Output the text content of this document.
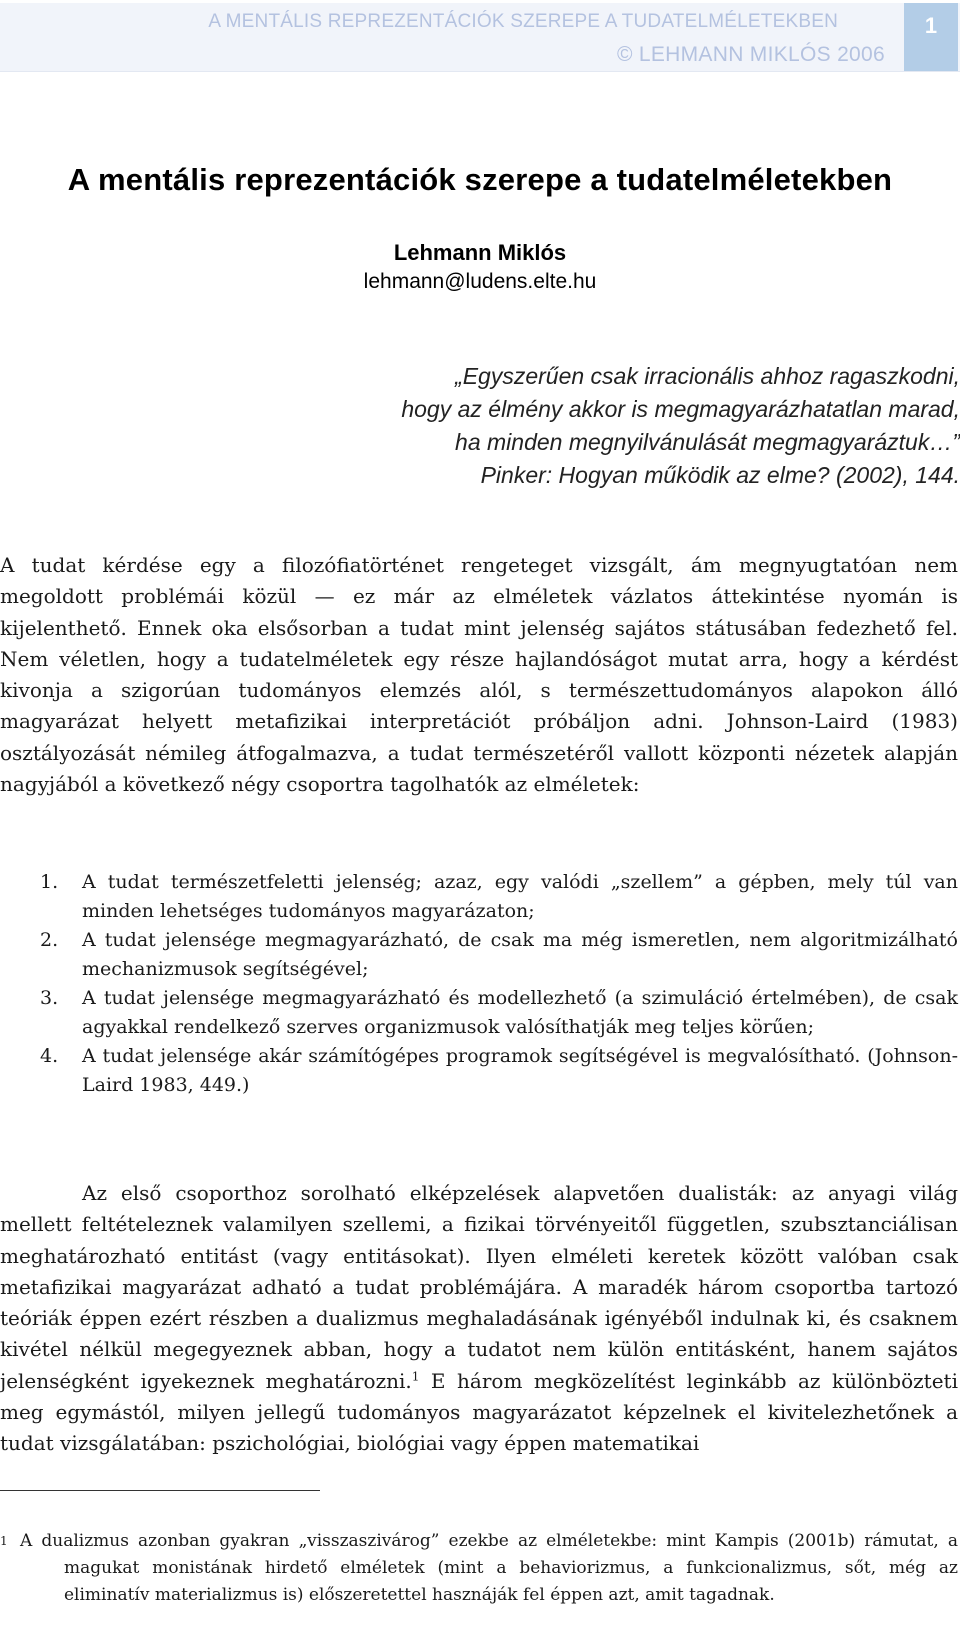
A MENTÁLIS REPREZENTÁCIÓK SZEREPE A TUDATELMÉLETEKBEN
© LEHMANN MIKLÓS 2006
1
A mentális reprezentációk szerepe a tudatelméletekben
Lehmann Miklós
lehmann@ludens.elte.hu
„Egyszerűen csak irracionális ahhoz ragaszkodni,
hogy az élmény akkor is megmagyarázhatatlan marad,
ha minden megnyilvánulását megmagyaráztuk…”
Pinker: Hogyan működik az elme? (2002), 144.
A tudat kérdése egy a filozófiatörténet rengeteget vizsgált, ám megnyugtatóan nem megoldott problémái közül — ez már az elméletek vázlatos áttekintése nyomán is kijelenthető. Ennek oka elsősorban a tudat mint jelenség sajátos státusában fedezhető fel. Nem véletlen, hogy a tudatelméletek egy része hajlandóságot mutat arra, hogy a kérdést kivonja a szigorúan tudományos elemzés alól, s természettudományos alapokon álló magyarázat helyett metafizikai interpretációt próbáljon adni. Johnson-Laird (1983) osztályozását némileg átfogalmazva, a tudat természetéről vallott központi nézetek alapján nagyjából a következő négy csoportra tagolhatók az elméletek:
1. A tudat természetfeletti jelenség; azaz, egy valódi „szellem” a gépben, mely túl van minden lehetséges tudományos magyarázaton;
2. A tudat jelensége megmagyarázható, de csak ma még ismeretlen, nem algoritmizálható mechanizmusok segítségével;
3. A tudat jelensége megmagyarázható és modellezhető (a szimuláció értelmében), de csak agyakkal rendelkező szerves organizmusok valósíthatják meg teljes körűen;
4. A tudat jelensége akár számítógépes programok segítségével is megvalósítható. (Johnson-Laird 1983, 449.)
Az első csoporthoz sorolható elképzelések alapvetően dualisták: az anyagi világ mellett feltételeznek valamilyen szellemi, a fizikai törvényeitől független, szubsztanciálisan meghatározható entitást (vagy entitásokat). Ilyen elméleti keretek között valóban csak metafizikai magyarázat adható a tudat problémájára. A maradék három csoportba tartozó teóriák éppen ezért részben a dualizmus meghaladásának igényéből indulnak ki, és csaknem kivétel nélkül megegyeznek abban, hogy a tudatot nem külön entitásként, hanem sajátos jelenségként igyekeznek meghatározni.$^1$ E három megközelítést leginkább az különbözteti meg egymástól, milyen jellegű tudományos magyarázatot képzelnek el kivitelezhetőnek a tudat vizsgálatában: pszichológiai, biológiai vagy éppen matematikai
1 A dualizmus azonban gyakran „visszaszivárog” ezekbe az elméletekbe: mint Kampis (2001b) rámutat, a magukat monistának hirdető elméletek (mint a behaviorizmus, a funkcionalizmus, sőt, még az eliminatív materializmus is) előszeretettel hasznáják fel éppen azt, amit tagadnak.
